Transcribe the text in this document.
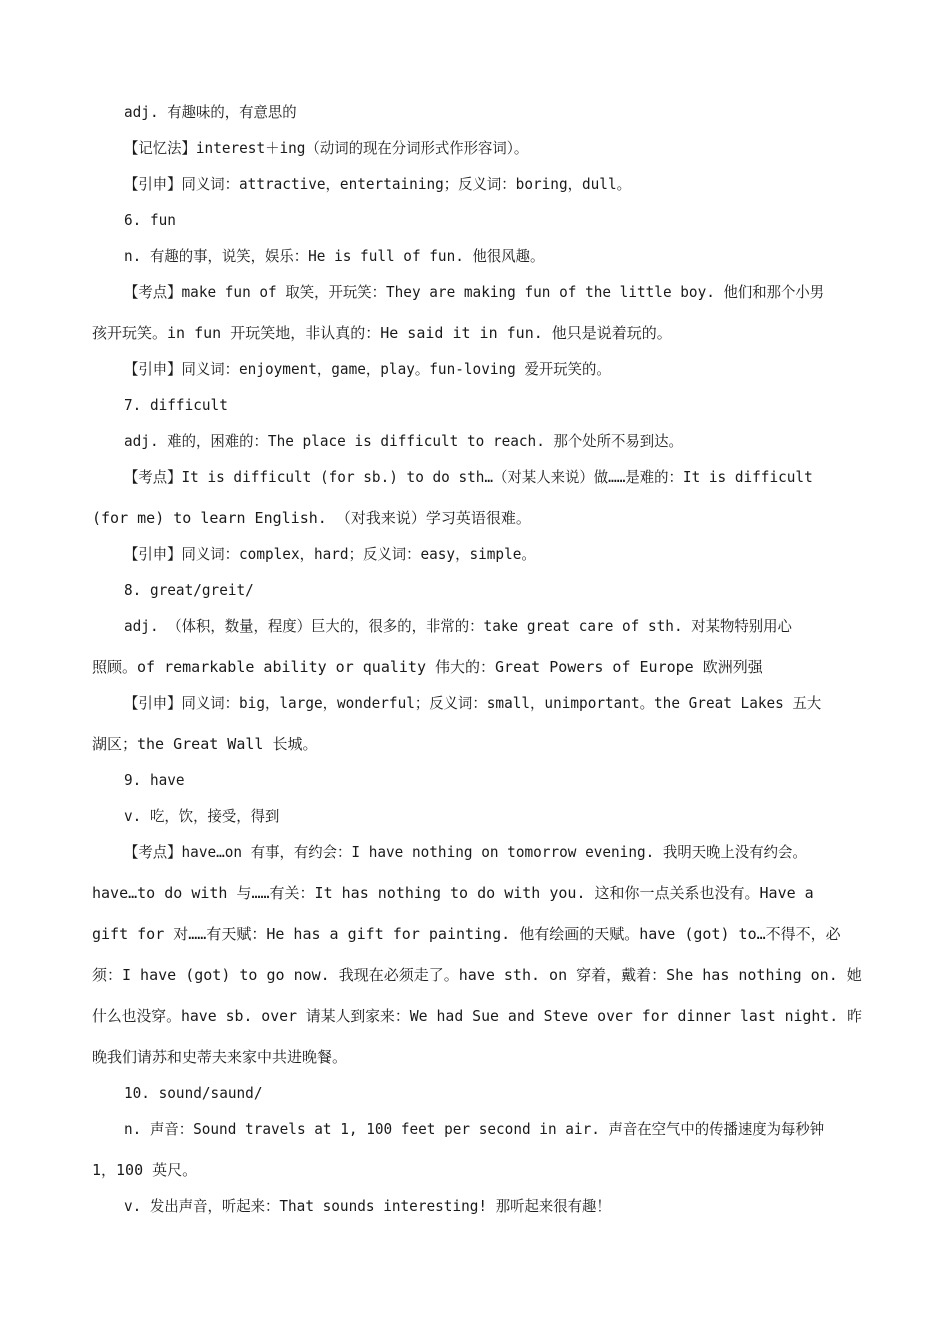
adj. 有趣味的，有意思的
【记忆法】interest＋ing（动词的现在分词形式作形容词）。
【引申】同义词：attractive，entertaining；反义词：boring，dull。
6. fun
n. 有趣的事，说笑，娱乐：He is full of fun. 他很风趣。
【考点】make fun of 取笑，开玩笑：They are making fun of the little boy. 他们和那个小男
孩开玩笑。in fun 开玩笑地，非认真的：He said it in fun. 他只是说着玩的。
【引申】同义词：enjoyment，game，play。fun-loving 爱开玩笑的。
7. difficult
adj. 难的，困难的：The place is difficult to reach. 那个处所不易到达。
【考点】It is difficult (for sb.) to do sth…（对某人来说）做……是难的：It is difficult
(for me) to learn English. （对我来说）学习英语很难。
【引申】同义词：complex，hard；反义词：easy，simple。
8. great/greit/
adj. （体积，数量，程度）巨大的，很多的，非常的：take great care of sth. 对某物特别用心
照顾。of remarkable ability or quality 伟大的：Great Powers of Europe 欧洲列强
【引申】同义词：big，large，wonderful；反义词：small，unimportant。the Great Lakes 五大
湖区；the Great Wall 长城。
9. have
v. 吃，饮，接受，得到
【考点】have…on 有事，有约会：I have nothing on tomorrow evening. 我明天晚上没有约会。
have…to do with 与……有关：It has nothing to do with you. 这和你一点关系也没有。Have a
gift for 对……有天赋：He has a gift for painting. 他有绘画的天赋。have (got) to…不得不，必
须：I have (got) to go now. 我现在必须走了。have sth. on 穿着，戴着：She has nothing on. 她
什么也没穿。have sb. over 请某人到家来：We had Sue and Steve over for dinner last night. 昨
晚我们请苏和史蒂夫来家中共进晚餐。
10. sound/saund/
n. 声音：Sound travels at 1, 100 feet per second in air. 声音在空气中的传播速度为每秒钟
1，100 英尺。
v. 发出声音，听起来：That sounds interesting! 那听起来很有趣！
